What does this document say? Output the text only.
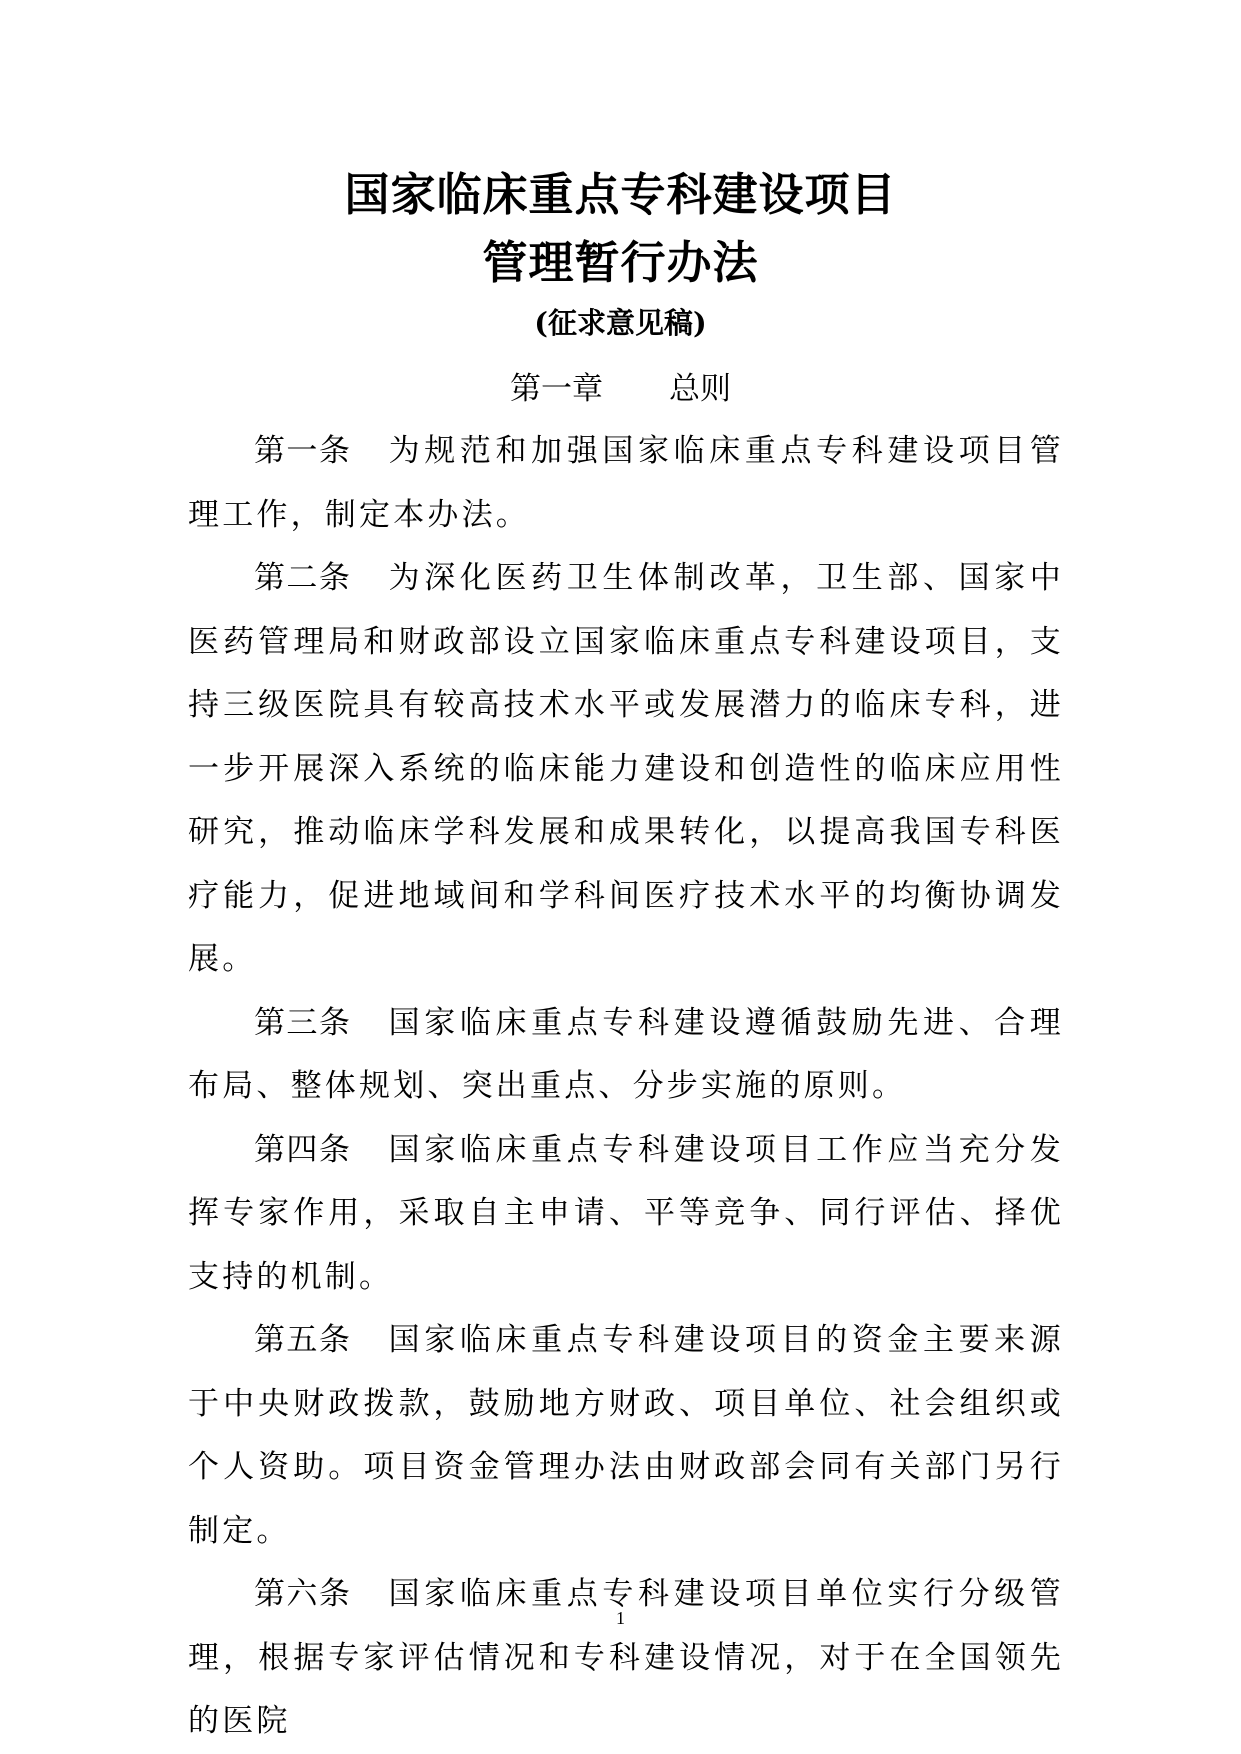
国家临床重点专科建设项目
管理暂行办法
(征求意见稿)
第一章 总则

第一条 为规范和加强国家临床重点专科建设项目管理工作，制定本办法。

第二条 为深化医药卫生体制改革，卫生部、国家中医药管理局和财政部设立国家临床重点专科建设项目，支持三级医院具有较高技术水平或发展潜力的临床专科，进一步开展深入系统的临床能力建设和创造性的临床应用性研究，推动临床学科发展和成果转化，以提高我国专科医疗能力，促进地域间和学科间医疗技术水平的均衡协调发展。

第三条 国家临床重点专科建设遵循鼓励先进、合理布局、整体规划、突出重点、分步实施的原则。

第四条 国家临床重点专科建设项目工作应当充分发挥专家作用，采取自主申请、平等竞争、同行评估、择优支持的机制。

第五条 国家临床重点专科建设项目的资金主要来源于中央财政拨款，鼓励地方财政、项目单位、社会组织或个人资助。项目资金管理办法由财政部会同有关部门另行制定。

第六条 国家临床重点专科建设项目单位实行分级管理，根据专家评估情况和专科建设情况，对于在全国领先的医院

1
